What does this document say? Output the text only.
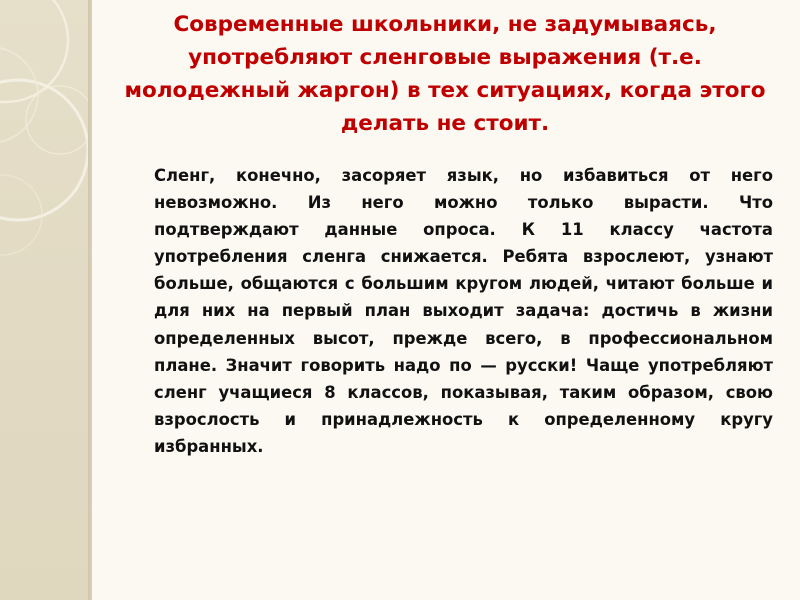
Современные школьники, не задумываясь, употребляют сленговые выражения (т.е. молодежный жаргон) в тех ситуациях, когда этого делать не стоит.

Сленг, конечно, засоряет язык, но избавиться от него невозможно. Из него можно только вырасти. Что подтверждают данные опроса. К 11 классу частота употребления сленга снижается. Ребята взрослеют, узнают больше, общаются с большим кругом людей, читают больше и для них на первый план выходит задача: достичь в жизни определенных высот, прежде всего, в профессиональном плане. Значит говорить надо по — русски! Чаще употребляют сленг учащиеся 8 классов, показывая, таким образом, свою взрослость и принадлежность к определенному кругу избранных.
